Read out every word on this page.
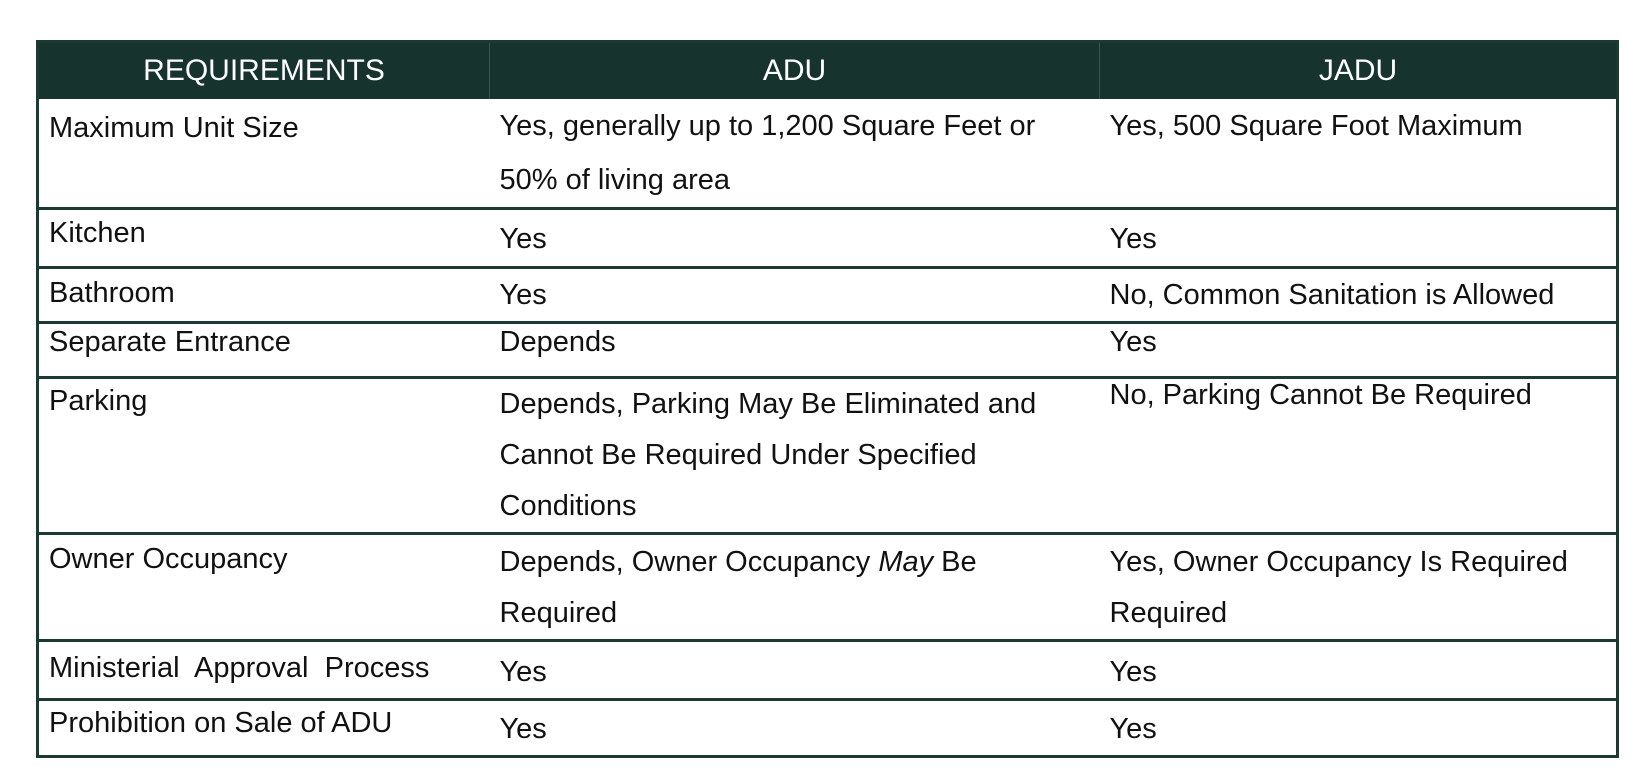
REQUIREMENTS	ADU	JADU
Maximum Unit Size	Yes, generally up to 1,200 Square Feet or 50% of living area	Yes, 500 Square Foot Maximum
Kitchen	Yes	Yes
Bathroom	Yes	No, Common Sanitation is Allowed
Separate Entrance	Depends	Yes
Parking	Depends, Parking May Be Eliminated and Cannot Be Required Under Specified Conditions	No, Parking Cannot Be Required
Owner Occupancy	Depends, Owner Occupancy May Be Required	Yes, Owner Occupancy Is Required Required
Ministerial  Approval  Process	Yes	Yes
Prohibition on Sale of ADU	Yes	Yes
